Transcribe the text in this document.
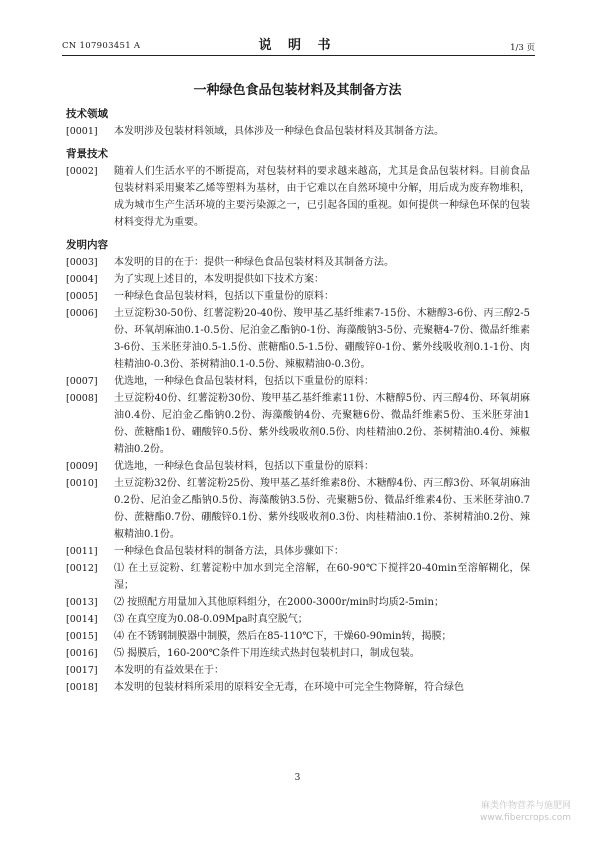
CN 107903451 A	说 明 书	1/3 页
一种绿色食品包装材料及其制备方法
技术领域
[0001]	本发明涉及包装材料领域，具体涉及一种绿色食品包装材料及其制备方法。
背景技术
[0002]	随着人们生活水平的不断提高，对包装材料的要求越来越高，尤其是食品包装材料。目前食品包装材料采用聚苯乙烯等塑料为基材，由于它难以在自然环境中分解，用后成为废弃物堆积，成为城市生产生活环境的主要污染源之一，已引起各国的重视。如何提供一种绿色环保的包装材料变得尤为重要。
发明内容
[0003]	本发明的目的在于：提供一种绿色食品包装材料及其制备方法。
[0004]	为了实现上述目的，本发明提供如下技术方案：
[0005]	一种绿色食品包装材料，包括以下重量份的原料：
[0006]	土豆淀粉30-50份、红薯淀粉20-40份、羧甲基乙基纤维素7-15份、木糖醇3-6份、丙三醇2-5份、环氧胡麻油0.1-0.5份、尼泊金乙酯钠0-1份、海藻酸钠3-5份、壳聚糖4-7份、微晶纤维素3-6份、玉米胚芽油0.5-1.5份、蔗糖酯0.5-1.5份、硼酸锌0-1份、紫外线吸收剂0.1-1份、肉桂精油0-0.3份、茶树精油0.1-0.5份、辣椒精油0-0.3份。
[0007]	优选地，一种绿色食品包装材料，包括以下重量份的原料：
[0008]	土豆淀粉40份、红薯淀粉30份、羧甲基乙基纤维素11份、木糖醇5份、丙三醇4份、环氧胡麻油0.4份、尼泊金乙酯钠0.2份、海藻酸钠4份、壳聚糖6份、微晶纤维素5份、玉米胚芽油1份、蔗糖酯1份、硼酸锌0.5份、紫外线吸收剂0.5份、肉桂精油0.2份、茶树精油0.4份、辣椒精油0.2份。
[0009]	优选地，一种绿色食品包装材料，包括以下重量份的原料：
[0010]	土豆淀粉32份、红薯淀粉25份、羧甲基乙基纤维素8份、木糖醇4份、丙三醇3份、环氧胡麻油0.2份、尼泊金乙酯钠0.5份、海藻酸钠3.5份、壳聚糖5份、微晶纤维素4份、玉米胚芽油0.7份、蔗糖酯0.7份、硼酸锌0.1份、紫外线吸收剂0.3份、肉桂精油0.1份、茶树精油0.2份、辣椒精油0.1份。
[0011]	一种绿色食品包装材料的制备方法，具体步骤如下：
[0012]	⑴ 在土豆淀粉、红薯淀粉中加水到完全溶解，在60-90℃下搅拌20-40min至溶解糊化，保湿；
[0013]	⑵ 按照配方用量加入其他原料组分，在2000-3000r/min时均质2-5min；
[0014]	⑶ 在真空度为0.08-0.09Mpa时真空脱气；
[0015]	⑷ 在不锈钢制膜器中制膜，然后在85-110℃下，干燥60-90min转，揭膜；
[0016]	⑸ 揭膜后，160-200℃条件下用连续式热封包装机封口，制成包装。
[0017]	本发明的有益效果在于：
[0018]	本发明的包装材料所采用的原料安全无毒，在环境中可完全生物降解，符合绿色
3
麻类作物营养与施肥网
www.fibercrops.com
